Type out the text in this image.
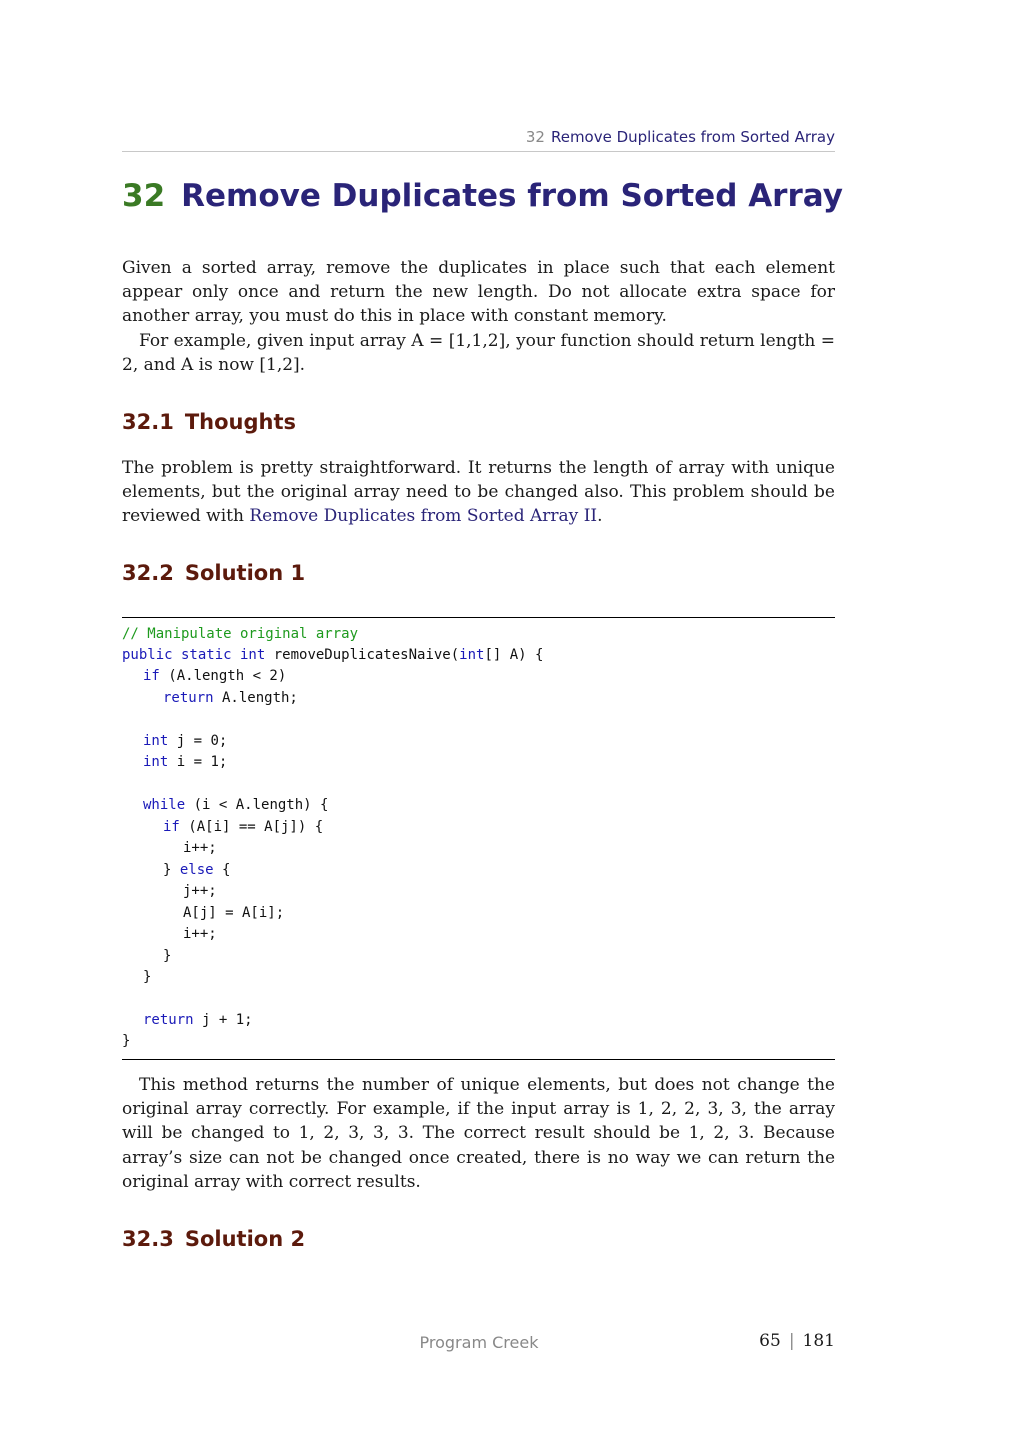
32 Remove Duplicates from Sorted Array
32 Remove Duplicates from Sorted Array

Given a sorted array, remove the duplicates in place such that each element appear only once and return the new length. Do not allocate extra space for another array, you must do this in place with constant memory.

For example, given input array A = [1,1,2], your function should return length = 2, and A is now [1,2].

32.1 Thoughts

The problem is pretty straightforward. It returns the length of array with unique elements, but the original array need to be changed also. This problem should be reviewed with Remove Duplicates from Sorted Array II.

32.2 Solution 1
// Manipulate original array
public static int removeDuplicatesNaive(int[] A) {
if (A.length < 2)
return A.length;
int j = 0;
int i = 1;
while (i < A.length) {
if (A[i] == A[j]) {
i++;
} else {
j++;
A[j] = A[i];
i++;
}
}
return j + 1;
}

This method returns the number of unique elements, but does not change the original array correctly. For example, if the input array is 1, 2, 2, 3, 3, the array will be changed to 1, 2, 3, 3, 3. The correct result should be 1, 2, 3. Because array’s size can not be changed once created, there is no way we can return the original array with correct results.

32.3 Solution 2
Program Creek	65 | 181
